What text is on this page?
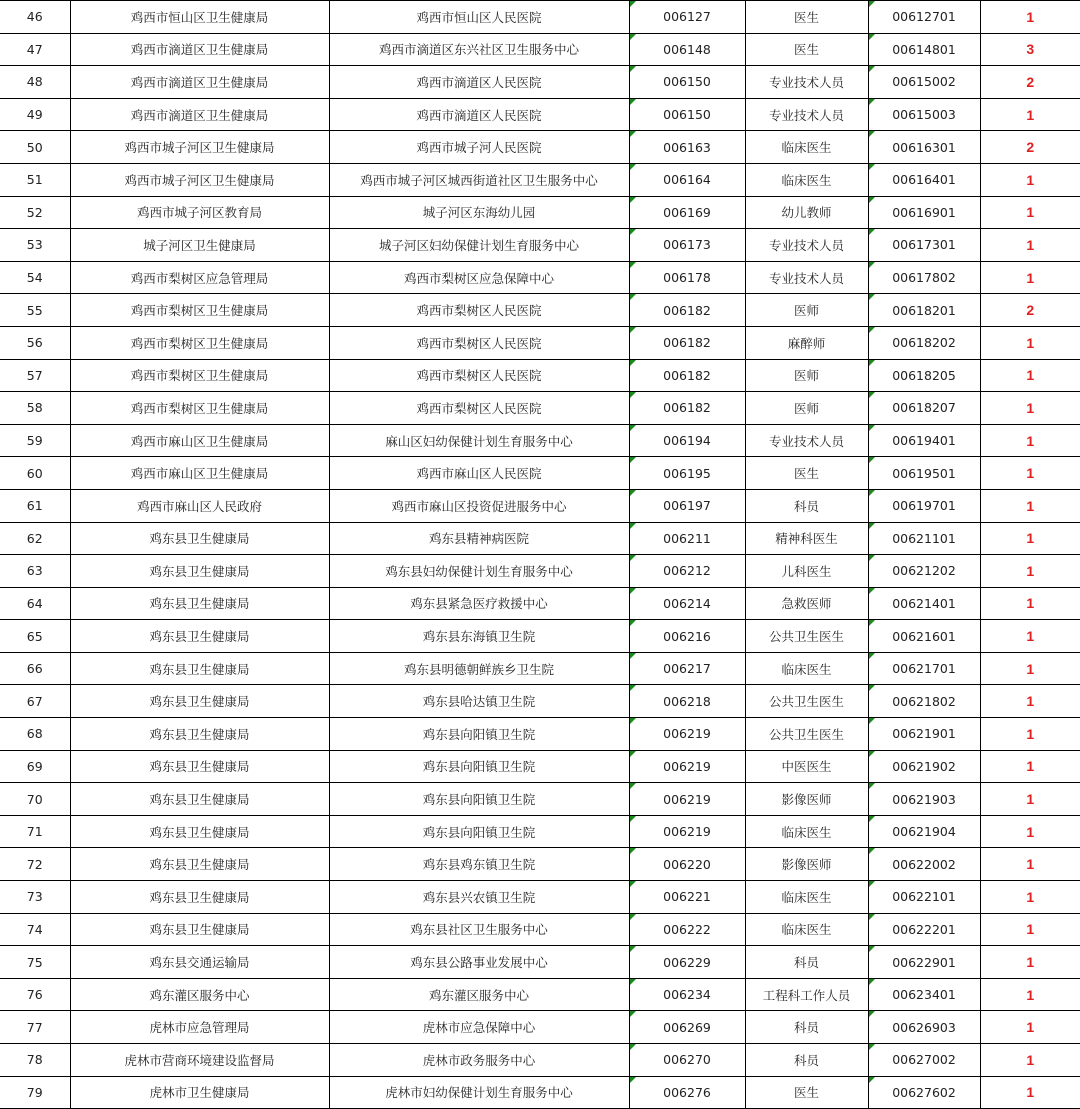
46	鸡西市恒山区卫生健康局	鸡西市恒山区人民医院	006127	医生	00612701	1
47	鸡西市滴道区卫生健康局	鸡西市滴道区东兴社区卫生服务中心	006148	医生	00614801	3
48	鸡西市滴道区卫生健康局	鸡西市滴道区人民医院	006150	专业技术人员	00615002	2
49	鸡西市滴道区卫生健康局	鸡西市滴道区人民医院	006150	专业技术人员	00615003	1
50	鸡西市城子河区卫生健康局	鸡西市城子河人民医院	006163	临床医生	00616301	2
51	鸡西市城子河区卫生健康局	鸡西市城子河区城西街道社区卫生服务中心	006164	临床医生	00616401	1
52	鸡西市城子河区教育局	城子河区东海幼儿园	006169	幼儿教师	00616901	1
53	城子河区卫生健康局	城子河区妇幼保健计划生育服务中心	006173	专业技术人员	00617301	1
54	鸡西市梨树区应急管理局	鸡西市梨树区应急保障中心	006178	专业技术人员	00617802	1
55	鸡西市梨树区卫生健康局	鸡西市梨树区人民医院	006182	医师	00618201	2
56	鸡西市梨树区卫生健康局	鸡西市梨树区人民医院	006182	麻醉师	00618202	1
57	鸡西市梨树区卫生健康局	鸡西市梨树区人民医院	006182	医师	00618205	1
58	鸡西市梨树区卫生健康局	鸡西市梨树区人民医院	006182	医师	00618207	1
59	鸡西市麻山区卫生健康局	麻山区妇幼保健计划生育服务中心	006194	专业技术人员	00619401	1
60	鸡西市麻山区卫生健康局	鸡西市麻山区人民医院	006195	医生	00619501	1
61	鸡西市麻山区人民政府	鸡西市麻山区投资促进服务中心	006197	科员	00619701	1
62	鸡东县卫生健康局	鸡东县精神病医院	006211	精神科医生	00621101	1
63	鸡东县卫生健康局	鸡东县妇幼保健计划生育服务中心	006212	儿科医生	00621202	1
64	鸡东县卫生健康局	鸡东县紧急医疗救援中心	006214	急救医师	00621401	1
65	鸡东县卫生健康局	鸡东县东海镇卫生院	006216	公共卫生医生	00621601	1
66	鸡东县卫生健康局	鸡东县明德朝鲜族乡卫生院	006217	临床医生	00621701	1
67	鸡东县卫生健康局	鸡东县哈达镇卫生院	006218	公共卫生医生	00621802	1
68	鸡东县卫生健康局	鸡东县向阳镇卫生院	006219	公共卫生医生	00621901	1
69	鸡东县卫生健康局	鸡东县向阳镇卫生院	006219	中医医生	00621902	1
70	鸡东县卫生健康局	鸡东县向阳镇卫生院	006219	影像医师	00621903	1
71	鸡东县卫生健康局	鸡东县向阳镇卫生院	006219	临床医生	00621904	1
72	鸡东县卫生健康局	鸡东县鸡东镇卫生院	006220	影像医师	00622002	1
73	鸡东县卫生健康局	鸡东县兴农镇卫生院	006221	临床医生	00622101	1
74	鸡东县卫生健康局	鸡东县社区卫生服务中心	006222	临床医生	00622201	1
75	鸡东县交通运输局	鸡东县公路事业发展中心	006229	科员	00622901	1
76	鸡东灌区服务中心	鸡东灌区服务中心	006234	工程科工作人员	00623401	1
77	虎林市应急管理局	虎林市应急保障中心	006269	科员	00626903	1
78	虎林市营商环境建设监督局	虎林市政务服务中心	006270	科员	00627002	1
79	虎林市卫生健康局	虎林市妇幼保健计划生育服务中心	006276	医生	00627602	1
